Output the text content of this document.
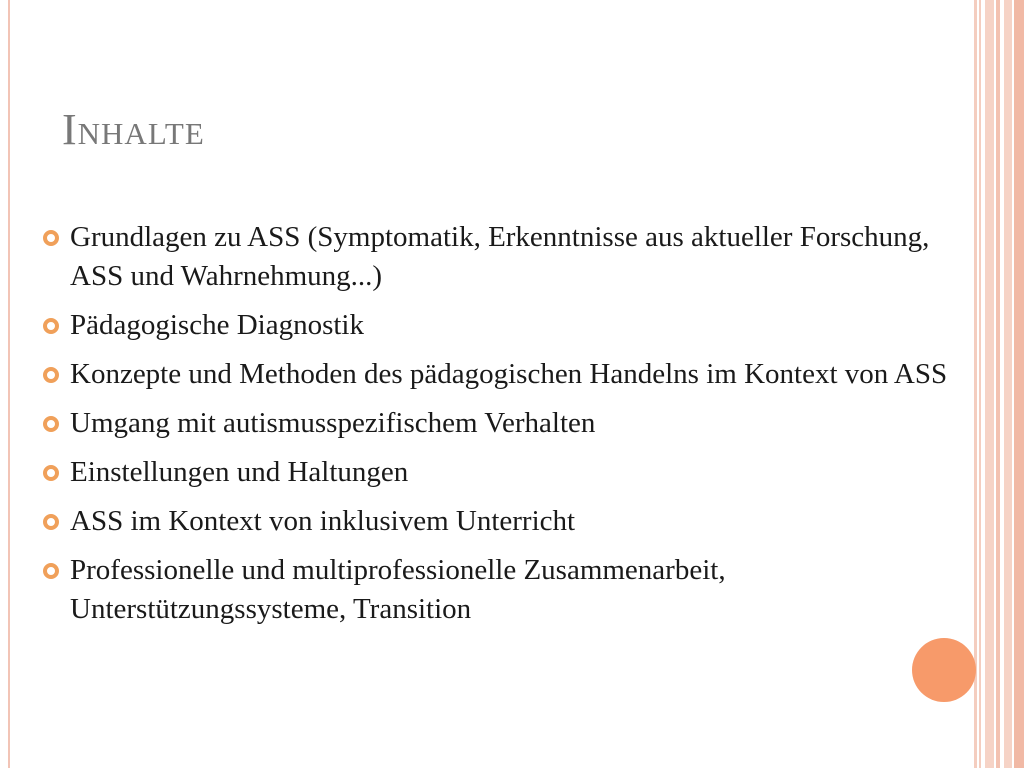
Inhalte
Grundlagen zu ASS (Symptomatik, Erkenntnisse aus aktueller Forschung, ASS und Wahrnehmung...)
Pädagogische Diagnostik
Konzepte und Methoden des pädagogischen Handelns im Kontext von ASS
Umgang mit autismusspezifischem Verhalten
Einstellungen und Haltungen
ASS im Kontext von inklusivem Unterricht
Professionelle und multiprofessionelle Zusammenarbeit, Unterstützungssysteme, Transition
